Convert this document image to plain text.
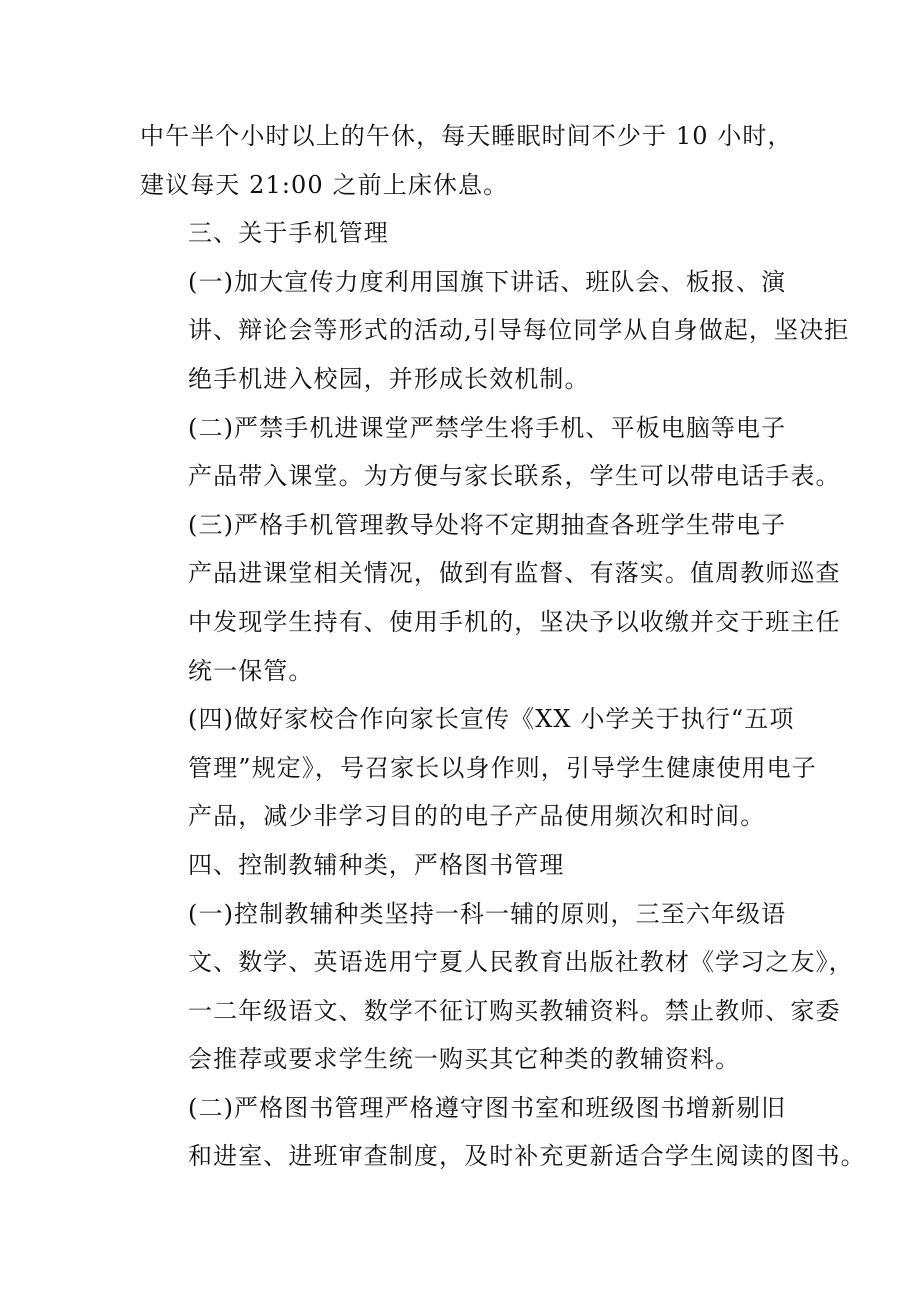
中午半个小时以上的午休，每天睡眠时间不少于 10 小时，
建议每天 21:00 之前上床休息。

三、关于手机管理

(一)加大宣传力度利用国旗下讲话、班队会、板报、演
讲、辩论会等形式的活动,引导每位同学从自身做起，坚决拒
绝手机进入校园，并形成长效机制。

(二)严禁手机进课堂严禁学生将手机、平板电脑等电子
产品带入课堂。为方便与家长联系，学生可以带电话手表。

(三)严格手机管理教导处将不定期抽查各班学生带电子
产品进课堂相关情况，做到有监督、有落实。值周教师巡查
中发现学生持有、使用手机的，坚决予以收缴并交于班主任
统一保管。

(四)做好家校合作向家长宣传《XX 小学关于执行“五项
管理”规定》，号召家长以身作则，引导学生健康使用电子
产品，减少非学习目的的电子产品使用频次和时间。

四、控制教辅种类，严格图书管理

(一)控制教辅种类坚持一科一辅的原则，三至六年级语
文、数学、英语选用宁夏人民教育出版社教材《学习之友》，
一二年级语文、数学不征订购买教辅资料。禁止教师、家委
会推荐或要求学生统一购买其它种类的教辅资料。

(二)严格图书管理严格遵守图书室和班级图书增新剔旧
和进室、进班审查制度，及时补充更新适合学生阅读的图书。
